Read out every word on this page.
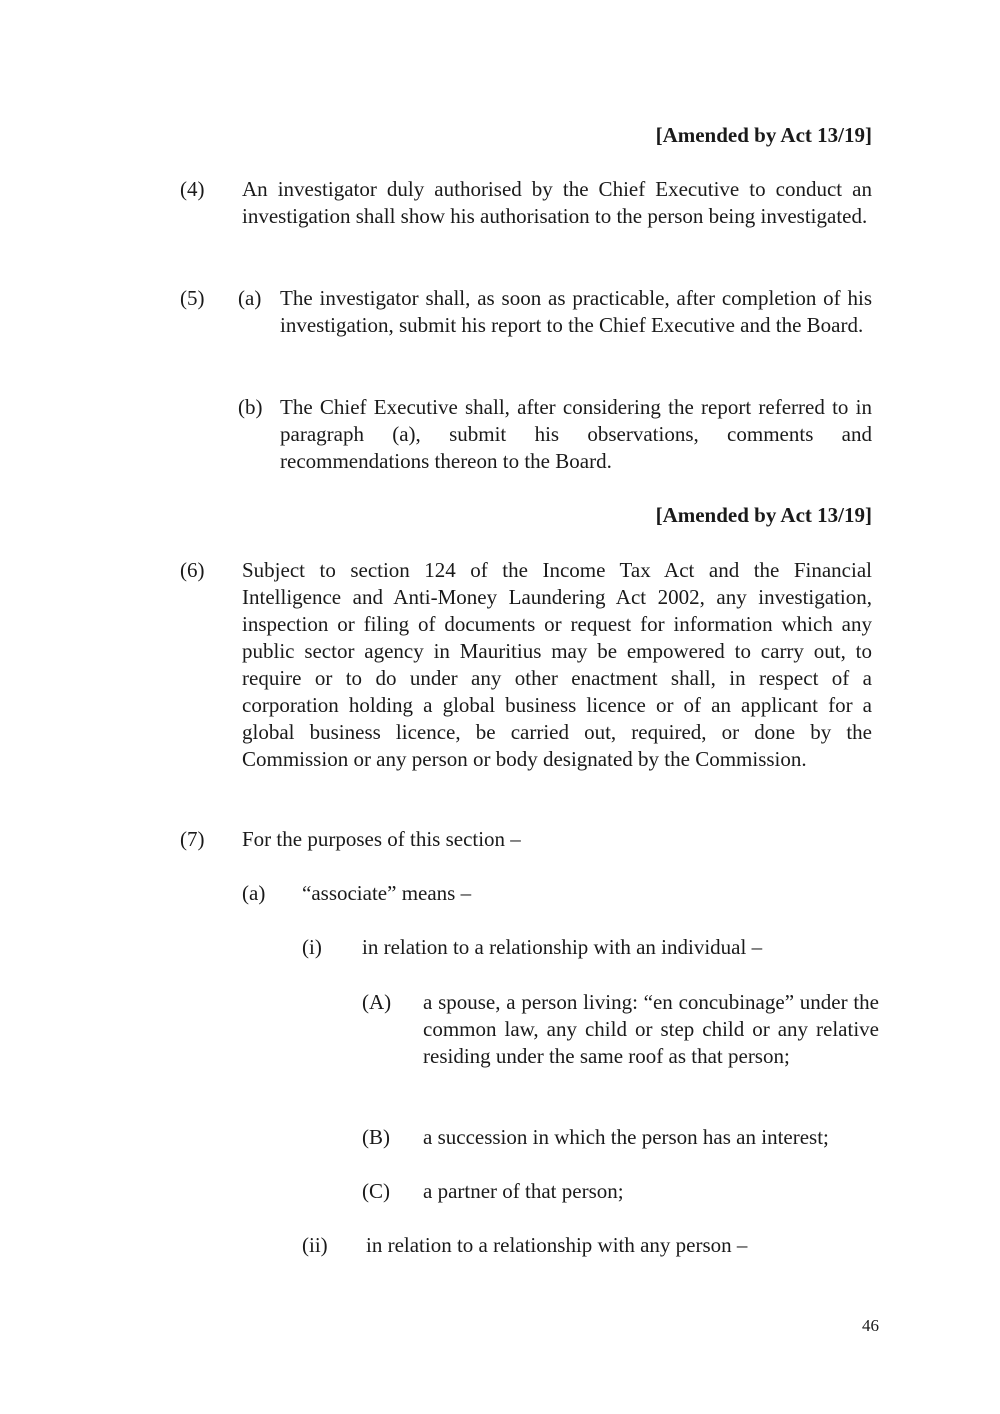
[Amended by Act 13/19]
(4) An investigator duly authorised by the Chief Executive to conduct an investigation shall show his authorisation to the person being investigated.
(5) (a) The investigator shall, as soon as practicable, after completion of his investigation, submit his report to the Chief Executive and the Board.
(b) The Chief Executive shall, after considering the report referred to in paragraph (a), submit his observations, comments and recommendations thereon to the Board.
[Amended by Act 13/19]
(6) Subject to section 124 of the Income Tax Act and the Financial Intelligence and Anti-Money Laundering Act 2002, any investigation, inspection or filing of documents or request for information which any public sector agency in Mauritius may be empowered to carry out, to require or to do under any other enactment shall, in respect of a corporation holding a global business licence or of an applicant for a global business licence, be carried out, required, or done by the Commission or any person or body designated by the Commission.
(7) For the purposes of this section –
(a) “associate” means –
(i) in relation to a relationship with an individual –
(A) a spouse, a person living: “en concubinage” under the common law, any child or step child or any relative residing under the same roof as that person;
(B) a succession in which the person has an interest;
(C) a partner of that person;
(ii) in relation to a relationship with any person –
46
